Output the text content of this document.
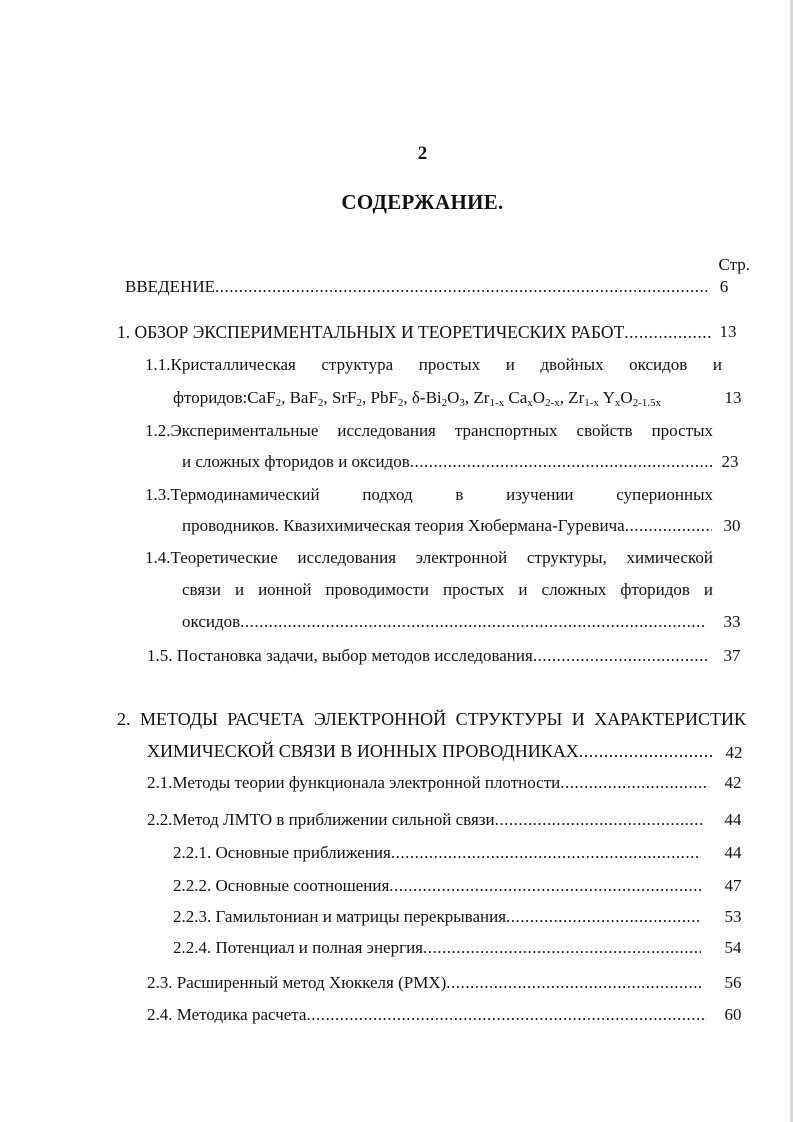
2
СОДЕРЖАНИЕ.
Стр.
ВВЕДЕНИЕ .....	6
1. ОБЗОР ЭКСПЕРИМЕНТАЛЬНЫХ И ТЕОРЕТИЧЕСКИХ РАБОТ .....	13
1.1.Кристаллическая структура простых и двойных оксидов и
фторидов:CaF$_2$, BaF$_2$, SrF$_2$, PbF$_2$, $\delta-Bi_2O_3$, $Zr_{1-x}$ $Ca_xO_{2-x}$, $Zr_{1-x}$ $Y_xO_{2-1.5x}$	13
1.2.Экспериментальные исследования транспортных свойств простых
и сложных фторидов и оксидов .....	23
1.3.Термодинамический подход в изучении суперионных
проводников. Квазихимическая теория Хюбермана-Гуревича .....	30
1.4.Теоретические исследования электронной структуры, химической
связи и ионной проводимости простых и сложных фторидов и
оксидов .....	33
1.5. Постановка задачи, выбор методов исследования .....	37
2. МЕТОДЫ РАСЧЕТА ЭЛЕКТРОННОЙ СТРУКТУРЫ И ХАРАКТЕРИСТИК
ХИМИЧЕСКОЙ СВЯЗИ В ИОННЫХ ПРОВОДНИКАХ .....	42
2.1.Методы теории функционала электронной плотности .....	42
2.2.Метод ЛМТО в приближении сильной связи .....	44
2.2.1. Основные приближения .....	44
2.2.2. Основные соотношения .....	47
2.2.3. Гамильтониан и матрицы перекрывания .....	53
2.2.4. Потенциал и полная энергия .....	54
2.3. Расширенный метод Хюккеля (РМХ) .....	56
2.4. Методика расчета .....	60
